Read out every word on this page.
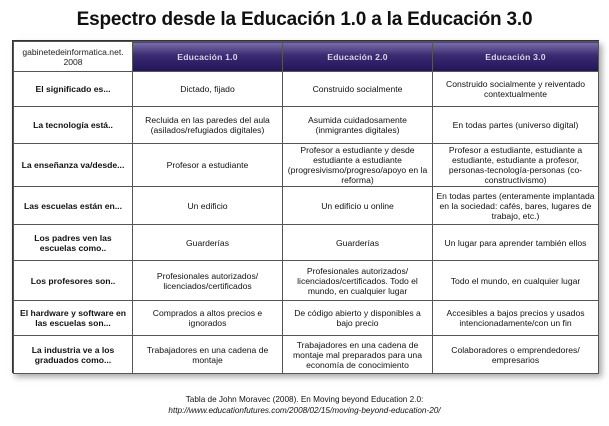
Espectro desde la Educación 1.0 a la Educación 3.0
gabinetedeinformatica.net. 2008	Educación 1.0	Educación 2.0	Educación 3.0
El significado es...	Dictado, fijado	Construido socialmente	Construido socialmente y reiventado contextualmente
La tecnología está..	Recluida en las paredes del aula (asilados/refugiados digitales)	Asumida cuidadosamente (inmigrantes digitales)	En todas partes (universo digital)
La enseñanza va/desde...	Profesor a estudiante	Profesor a estudiante y desde estudiante a estudiante (progresivismo/progreso/apoyo en la reforma)	Profesor a estudiante, estudiante a estudiante, estudiante a profesor, personas-tecnología-personas (co-constructivismo)
Las escuelas están en...	Un edificio	Un edificio u online	En todas partes (enteramente implantada en la sociedad: cafés, bares, lugares de trabajo, etc.)
Los padres ven las escuelas como..	Guarderías	Guarderías	Un lugar para aprender también ellos
Los profesores son..	Profesionales autorizados/ licenciados/certificados	Profesionales autorizados/ licenciados/certificados. Todo el mundo, en cualquier lugar	Todo el mundo, en cualquier lugar
El hardware y software en las escuelas son...	Comprados a altos precios e ignorados	De código abierto y disponibles a bajo precio	Accesibles a bajos precios y usados intencionadamente/con un fin
La industria ve a los graduados como...	Trabajadores en una cadena de montaje	Trabajadores en una cadena de montaje mal preparados para una economía de conocimiento	Colaboradores o emprendedores/ empresarios

Tabla de John Moravec (2008). En Moving beyond Education 2.0:

http://www.educationfutures.com/2008/02/15/moving-beyond-education-20/
